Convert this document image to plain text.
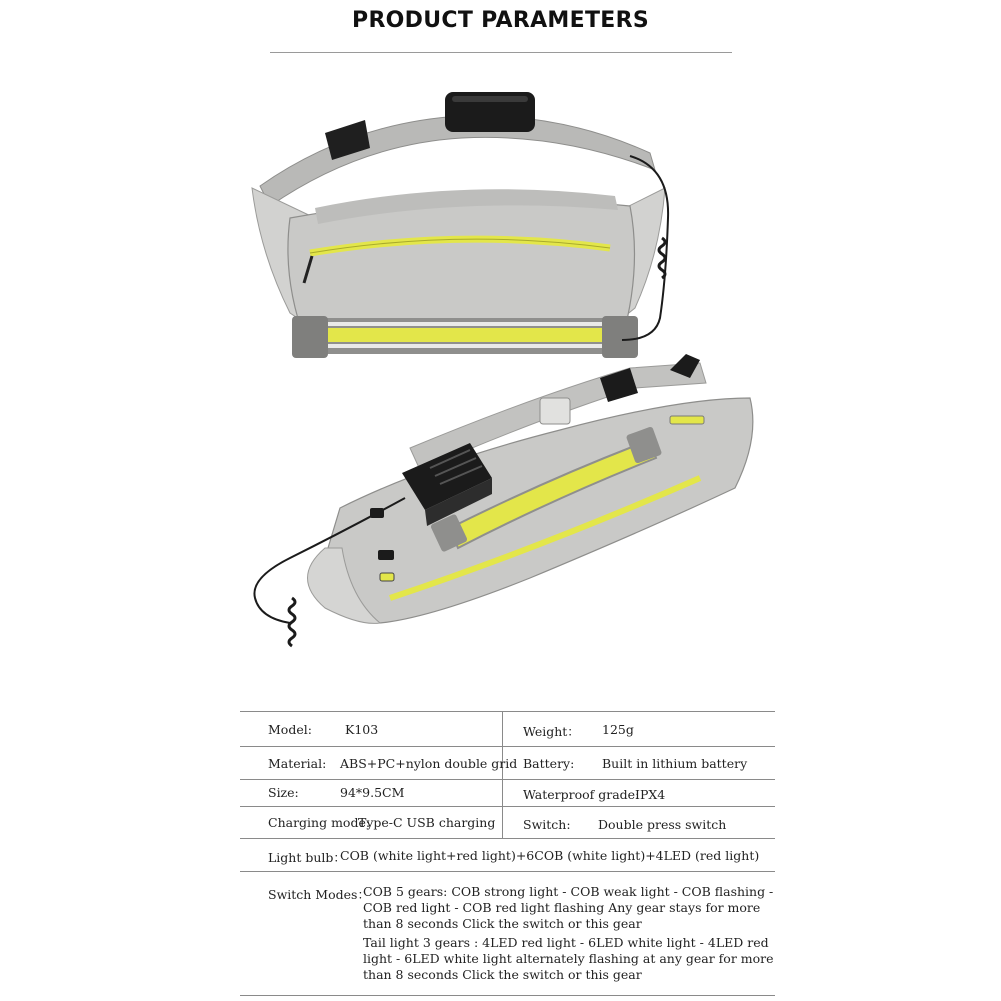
PRODUCT PARAMETERS
Model:	K103	Weight： 125g
Material: ABS+PC+nylon double grid Battery: Built in lithium battery
Size:	94*9.5CM	Waterproof grade:
IPX4
Charging mode:
Type-C USB charging Switch: Double press switch
Light bulb：
COB (white light+red light)+6COB (white light)+4LED (red light)
Switch Modes：
COB 5 gears: COB strong light - COB weak light - COB flashing - COB red light - COB red light flashing Any gear stays for more than 8 seconds Click the switch or this gear
Tail light 3 gears : 4LED red light - 6LED white light - 4LED red light - 6LED white light alternately flashing at any gear for more than 8 seconds Click the switch or this gear
